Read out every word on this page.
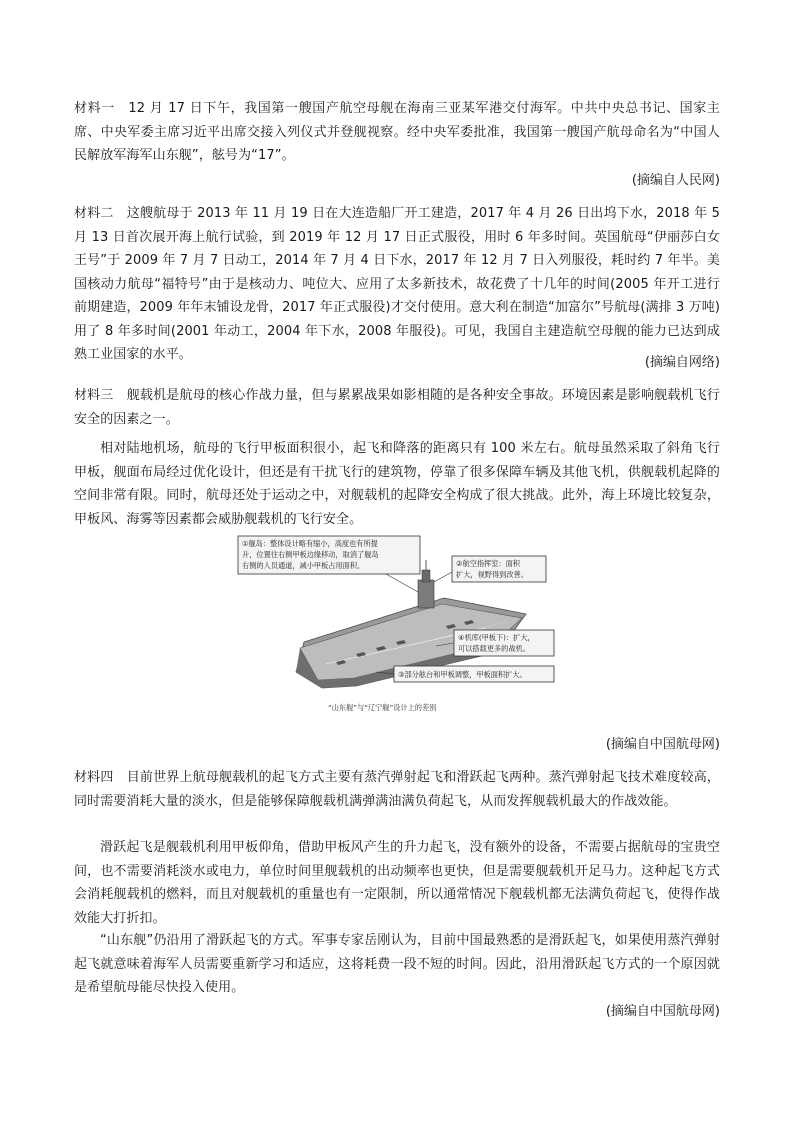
材料一　12 月 17 日下午，我国第一艘国产航空母舰在海南三亚某军港交付海军。中共中央总书记、国家主席、中央军委主席习近平出席交接入列仪式并登舰视察。经中央军委批准，我国第一艘国产航母命名为“中国人民解放军海军山东舰”，舷号为“17”。

(摘编自人民网)

材料二　这艘航母于 2013 年 11 月 19 日在大连造船厂开工建造，2017 年 4 月 26 日出坞下水，2018 年 5 月 13 日首次展开海上航行试验，到 2019 年 12 月 17 日正式服役，用时 6 年多时间。英国航母“伊丽莎白女王号”于 2009 年 7 月 7 日动工，2014 年 7 月 4 日下水，2017 年 12 月 7 日入列服役，耗时约 7 年半。美国核动力航母“福特号”由于是核动力、吨位大、应用了太多新技术，故花费了十几年的时间(2005 年开工进行前期建造，2009 年年末铺设龙骨，2017 年正式服役)才交付使用。意大利在制造“加富尔”号航母(满排 3 万吨)用了 8 年多时间(2001 年动工，2004 年下水，2008 年服役)。可见，我国自主建造航空母舰的能力已达到成熟工业国家的水平。

(摘编自网络)

材料三　舰载机是航母的核心作战力量，但与累累战果如影相随的是各种安全事故。环境因素是影响舰载机飞行安全的因素之一。

相对陆地机场，航母的飞行甲板面积很小，起飞和降落的距离只有 100 米左右。航母虽然采取了斜角飞行甲板，舰面布局经过优化设计，但还是有干扰飞行的建筑物，停靠了很多保障车辆及其他飞机，供舰载机起降的空间非常有限。同时，航母还处于运动之中，对舰载机的起降安全构成了很大挑战。此外，海上环境比较复杂，甲板风、海雾等因素都会威胁舰载机的飞行安全。

①舰岛：整体设计略有缩小，高度也有所提
升，位置往右侧甲板边缘移动，取消了舰岛
右侧的人员通道，减小甲板占用面积。	②航空指挥室：面积
扩大，视野得到改善。
④机库(甲板下)：扩大，
可以搭载更多的战机。
③部分舷台和甲板调整，甲板面积扩大。
“山东舰”与“辽宁舰”设计上的差别

(摘编自中国航母网)

材料四　目前世界上航母舰载机的起飞方式主要有蒸汽弹射起飞和滑跃起飞两种。蒸汽弹射起飞技术难度较高，同时需要消耗大量的淡水，但是能够保障舰载机满弹满油满负荷起飞，从而发挥舰载机最大的作战效能。

滑跃起飞是舰载机利用甲板仰角，借助甲板风产生的升力起飞，没有额外的设备，不需要占据航母的宝贵空间，也不需要消耗淡水或电力，单位时间里舰载机的出动频率也更快，但是需要舰载机开足马力。这种起飞方式会消耗舰载机的燃料，而且对舰载机的重量也有一定限制，所以通常情况下舰载机都无法满负荷起飞，使得作战效能大打折扣。

“山东舰”仍沿用了滑跃起飞的方式。军事专家岳刚认为，目前中国最熟悉的是滑跃起飞，如果使用蒸汽弹射起飞就意味着海军人员需要重新学习和适应，这将耗费一段不短的时间。因此，沿用滑跃起飞方式的一个原因就是希望航母能尽快投入使用。

(摘编自中国航母网)
